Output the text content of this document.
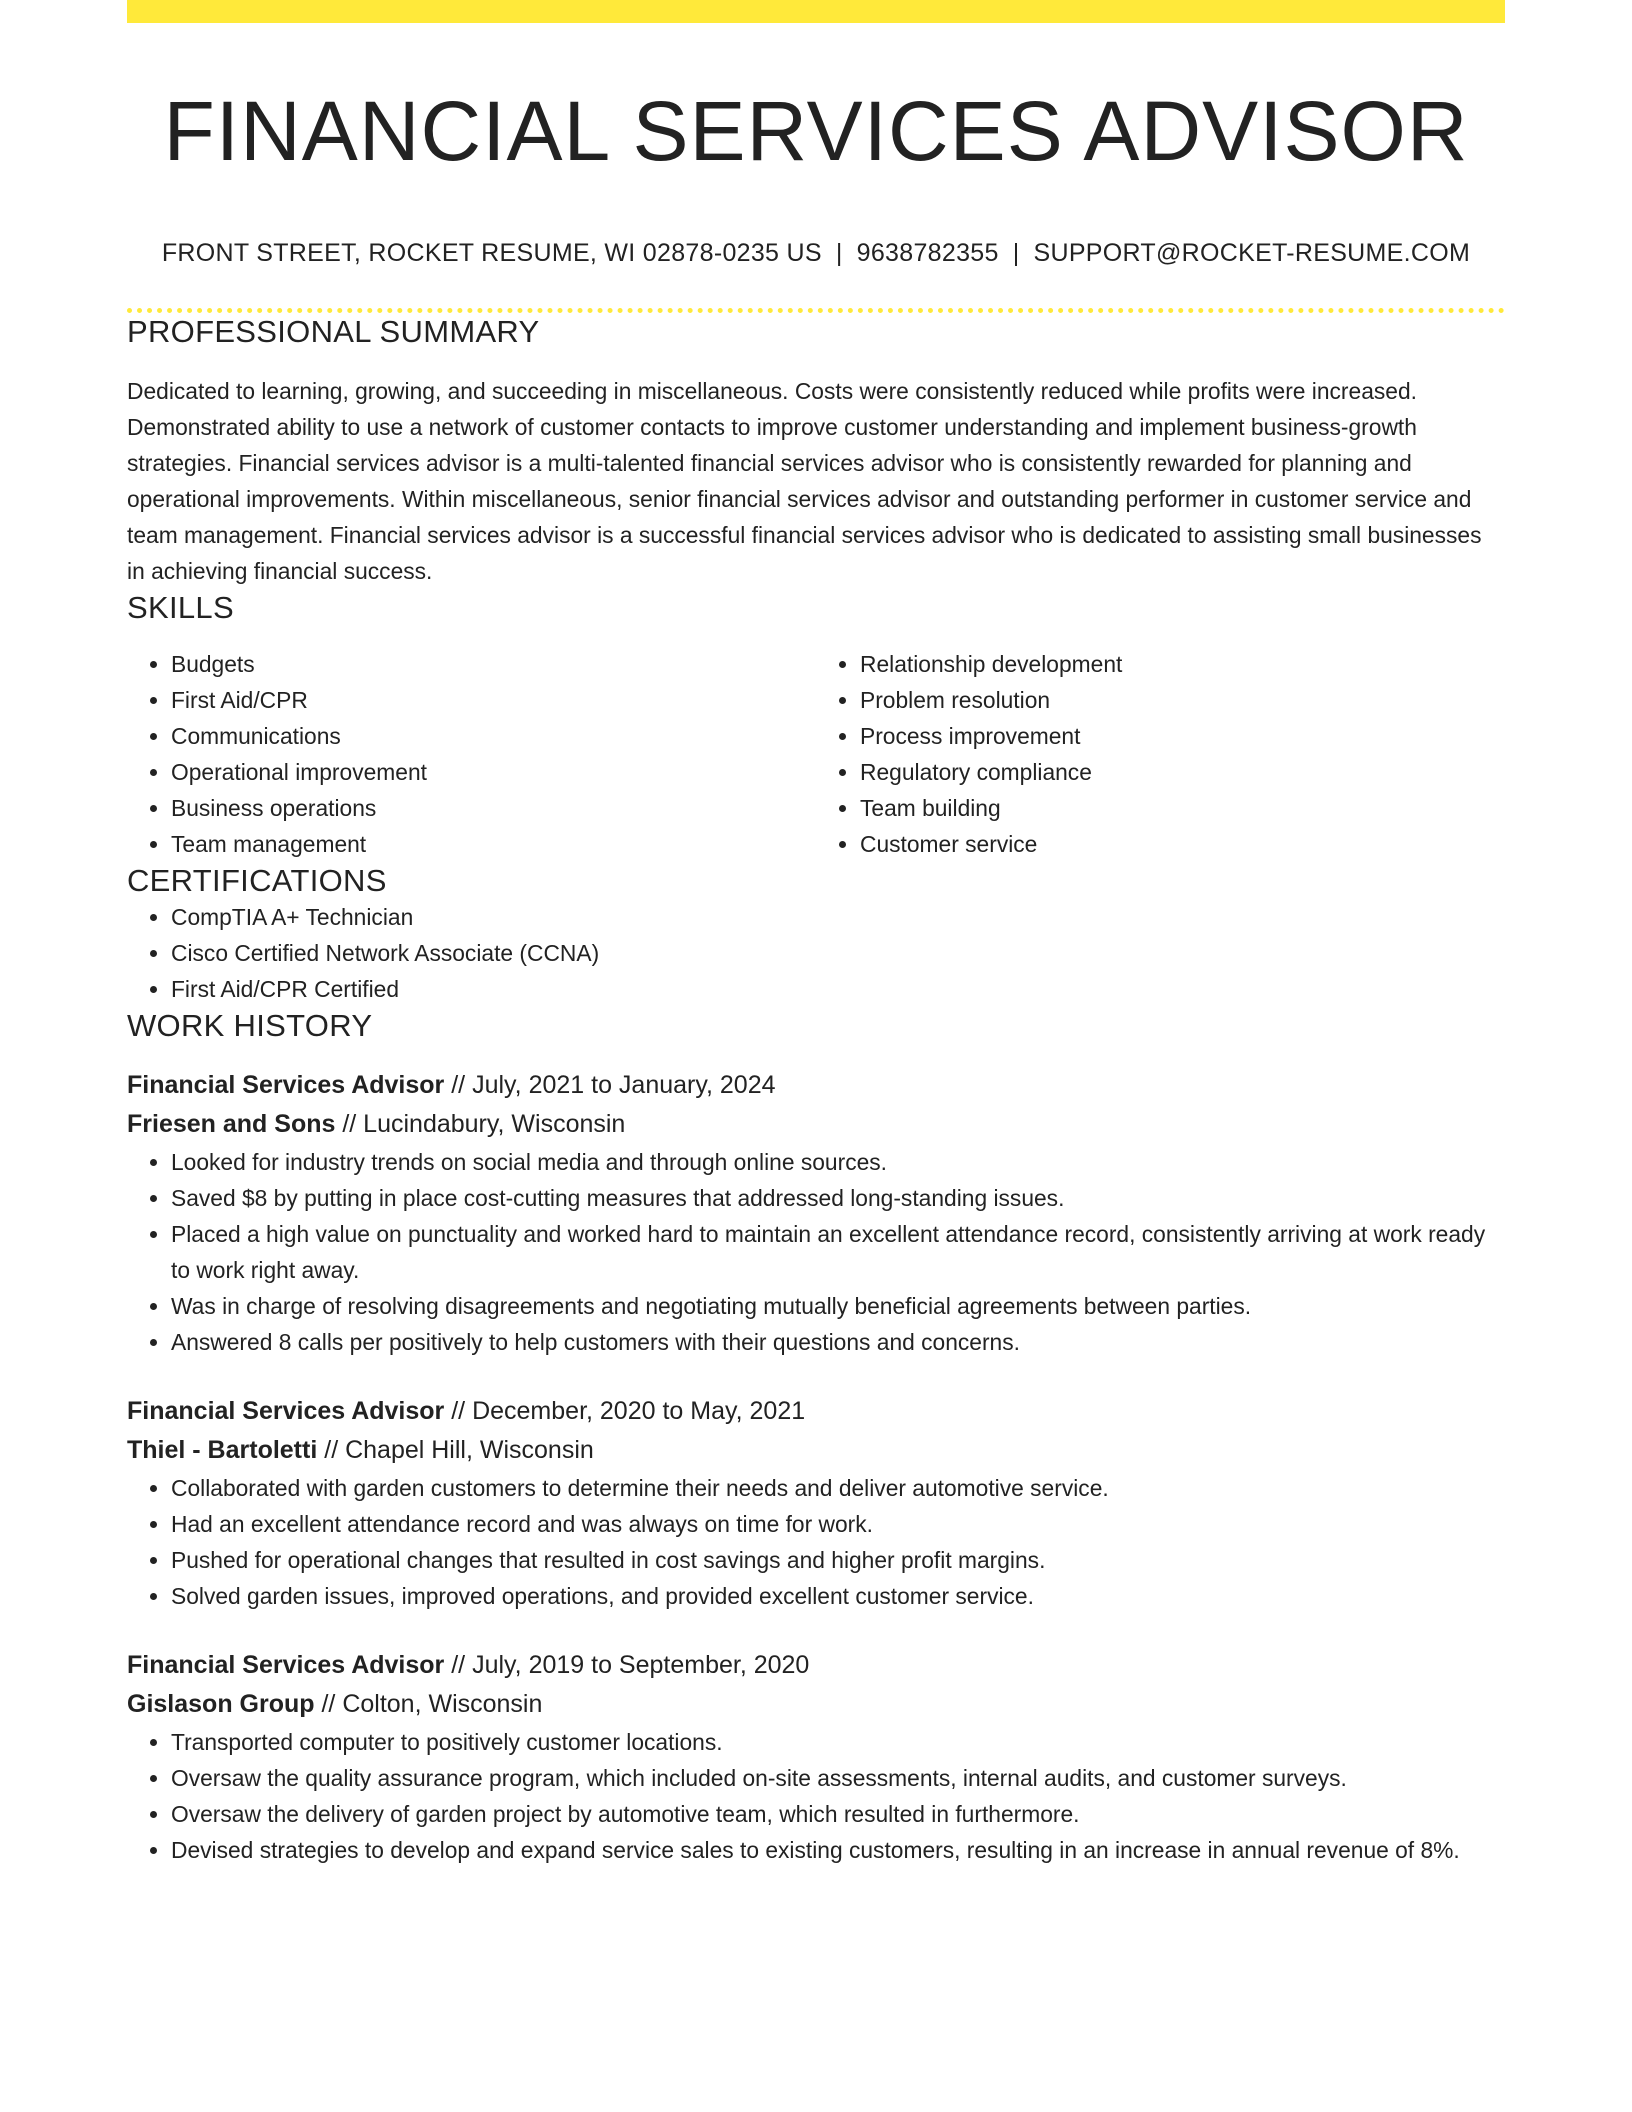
FINANCIAL SERVICES ADVISOR
FRONT STREET, ROCKET RESUME, WI 02878-0235 US | 9638782355 | SUPPORT@ROCKET-RESUME.COM
PROFESSIONAL SUMMARY

Dedicated to learning, growing, and succeeding in miscellaneous. Costs were consistently reduced while profits were increased. Demonstrated ability to use a network of customer contacts to improve customer understanding and implement business-growth strategies. Financial services advisor is a multi-talented financial services advisor who is consistently rewarded for planning and operational improvements. Within miscellaneous, senior financial services advisor and outstanding performer in customer service and team management. Financial services advisor is a successful financial services advisor who is dedicated to assisting small businesses in achieving financial success.

SKILLS
• Budgets
• First Aid/CPR
• Communications
• Operational improvement
• Business operations
• Team management
• Relationship development
• Problem resolution
• Process improvement
• Regulatory compliance
• Team building
• Customer service
CERTIFICATIONS
• CompTIA A+ Technician
• Cisco Certified Network Associate (CCNA)
• First Aid/CPR Certified
WORK HISTORY
Financial Services Advisor // July, 2021 to January, 2024
Friesen and Sons // Lucindabury, Wisconsin
• Looked for industry trends on social media and through online sources.
• Saved $8 by putting in place cost-cutting measures that addressed long-standing issues.
• Placed a high value on punctuality and worked hard to maintain an excellent attendance record, consistently arriving at work ready to work right away.
• Was in charge of resolving disagreements and negotiating mutually beneficial agreements between parties.
• Answered 8 calls per positively to help customers with their questions and concerns.
Financial Services Advisor // December, 2020 to May, 2021
Thiel - Bartoletti // Chapel Hill, Wisconsin
• Collaborated with garden customers to determine their needs and deliver automotive service.
• Had an excellent attendance record and was always on time for work.
• Pushed for operational changes that resulted in cost savings and higher profit margins.
• Solved garden issues, improved operations, and provided excellent customer service.
Financial Services Advisor // July, 2019 to September, 2020
Gislason Group // Colton, Wisconsin
• Transported computer to positively customer locations.
• Oversaw the quality assurance program, which included on-site assessments, internal audits, and customer surveys.
• Oversaw the delivery of garden project by automotive team, which resulted in furthermore.
• Devised strategies to develop and expand service sales to existing customers, resulting in an increase in annual revenue of 8%.
